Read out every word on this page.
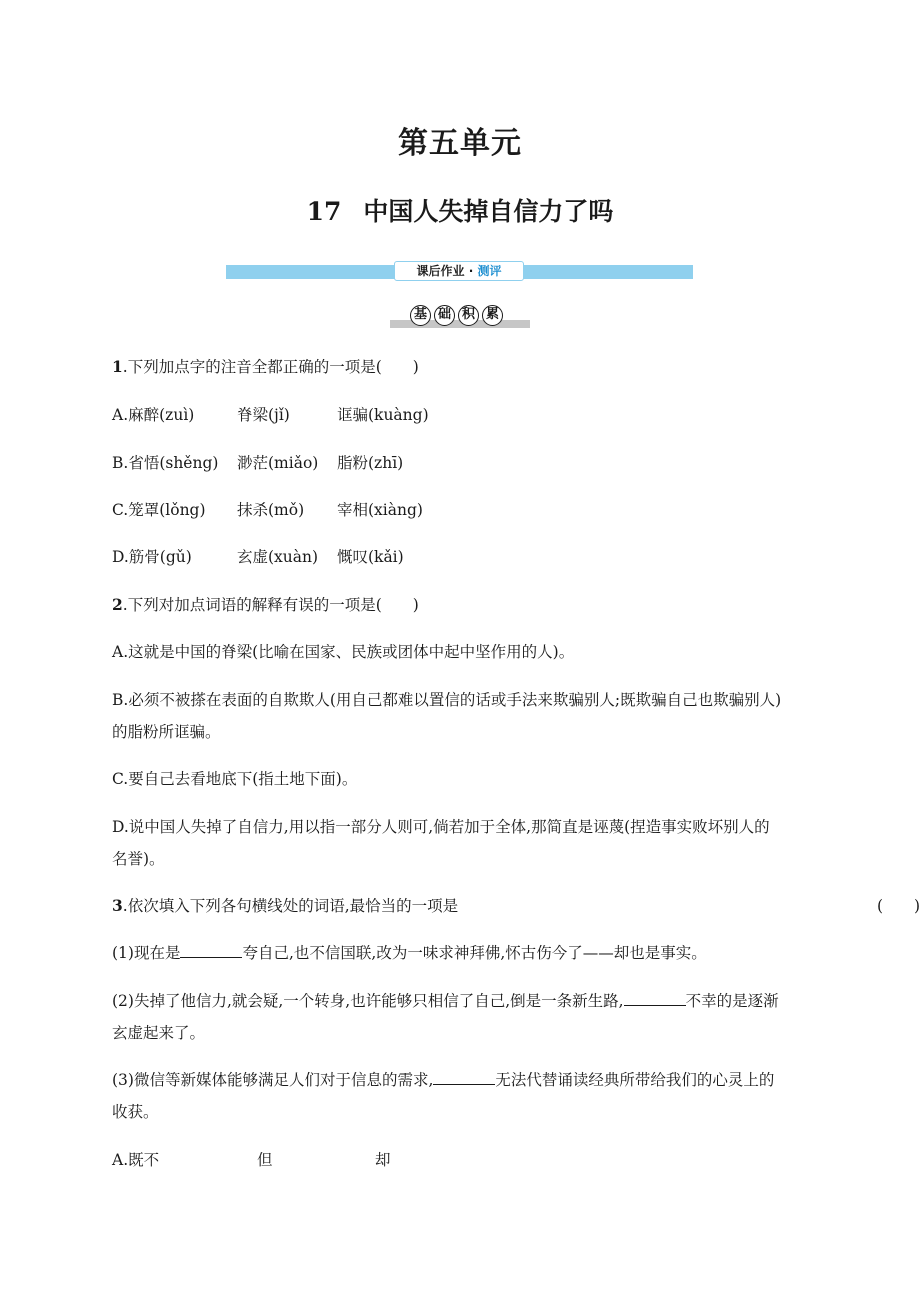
第五单元
17 中国人失掉自信力了吗
课后作业 · 测评
基 础 积 累
1.下列加点字的注音全都正确的一项是(　　)
A.麻醉(zuì)	脊梁(jǐ)	诓骗(kuàng)
B.省悟(shěng) 渺茫(miǎo) 脂粉(zhī)
C.笼罩(lǒng) 抹杀(mǒ) 宰相(xiàng)
D.筋骨(gǔ)	玄虚(xuàn) 慨叹(kǎi)
2.下列对加点词语的解释有误的一项是(　　)
A.这就是中国的脊梁(比喻在国家、民族或团体中起中坚作用的人)。
B.必须不被搽在表面的自欺欺人(用自己都难以置信的话或手法来欺骗别人;既欺骗自己也欺骗别人)
的脂粉所诓骗。
C.要自己去看地底下(指土地下面)。
D.说中国人失掉了自信力,用以指一部分人则可,倘若加于全体,那简直是诬蔑(捏造事实败坏别人的
名誉)。
3.依次填入下列各句横线处的词语,最恰当的一项是	(　　)
(1)现在是	夸自己,也不信国联,改为一味求神拜佛,怀古伤今了——却也是事实。
(2)失掉了他信力,就会疑,一个转身,也许能够只相信了自己,倒是一条新生路,	不幸的是逐渐
玄虚起来了。
(3)微信等新媒体能够满足人们对于信息的需求,	无法代替诵读经典所带给我们的心灵上的
收获。
A.既不	但	却
